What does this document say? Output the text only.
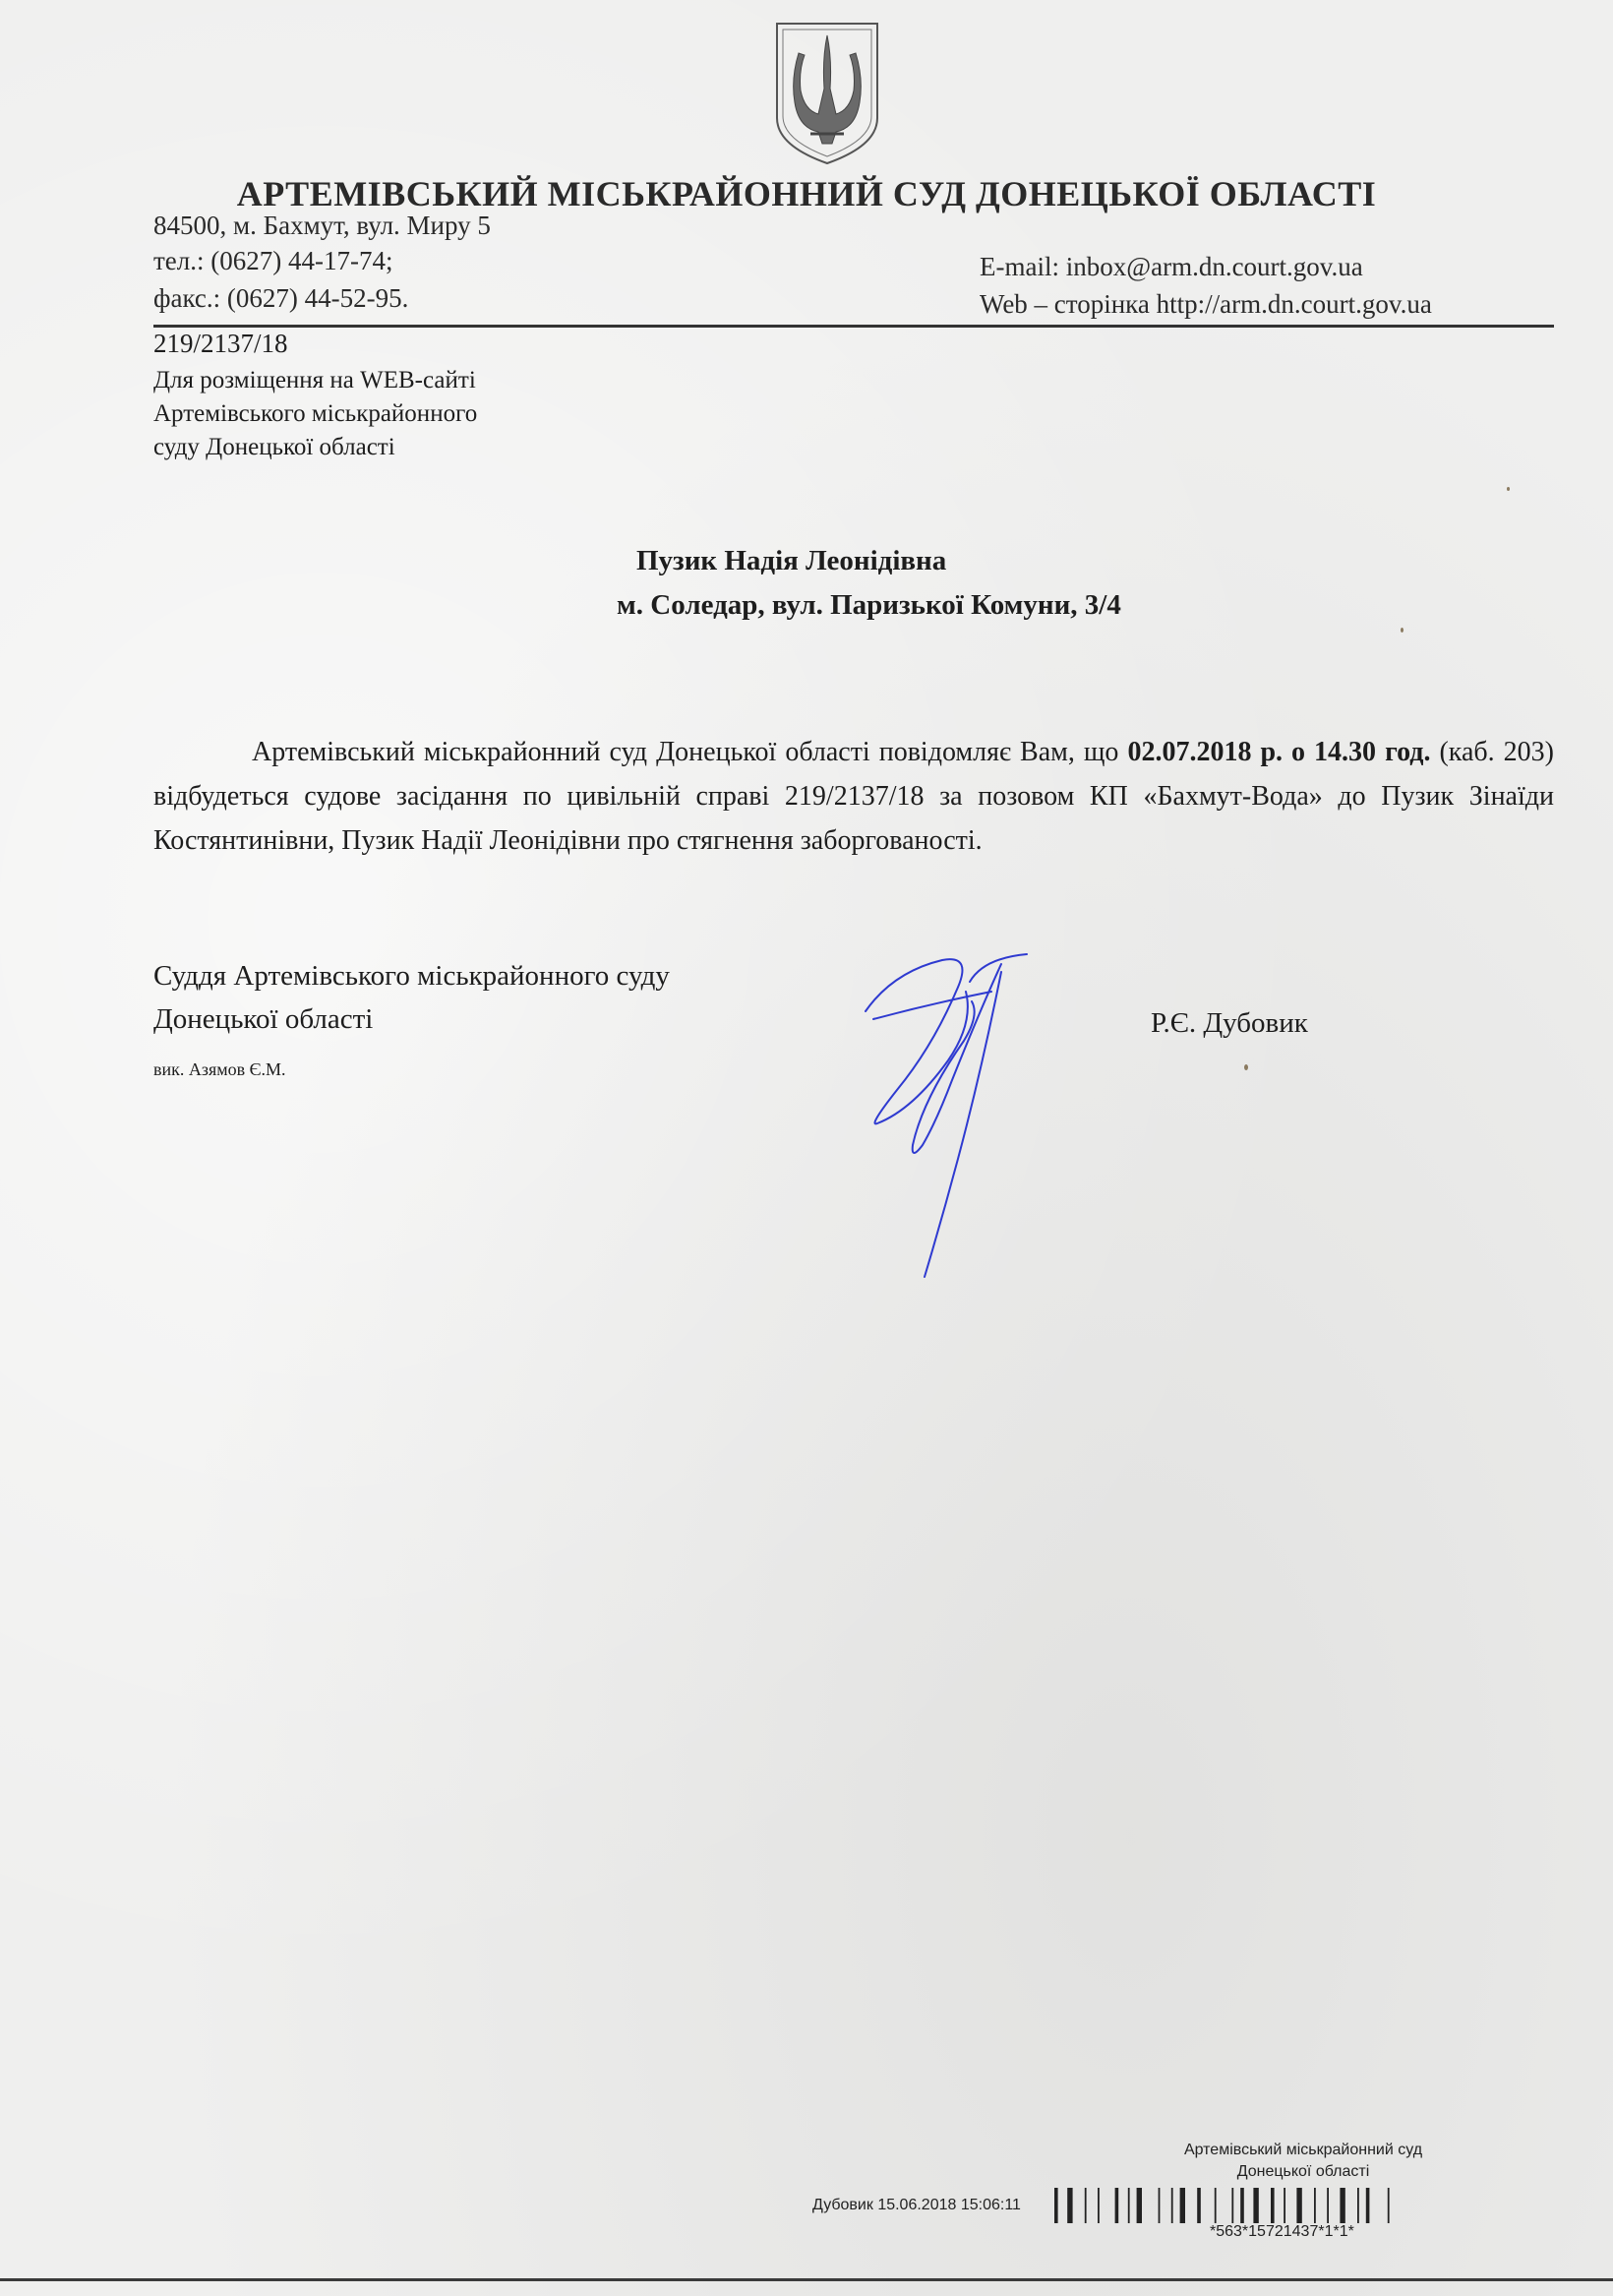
АРТЕМІВСЬКИЙ МІСЬКРАЙОННИЙ СУД ДОНЕЦЬКОЇ ОБЛАСТІ
84500, м. Бахмут, вул. Миру 5
тел.: (0627) 44-17-74;
факс.: (0627) 44-52-95.
E-mail: inbox@arm.dn.court.gov.ua
Web – сторінка http://arm.dn.court.gov.ua
219/2137/18
Для розміщення на WEB-сайті
Артемівського міськрайонного
суду Донецької області
Пузик Надія Леонідівна
м. Соледар, вул. Паризької Комуни, 3/4
Артемівський міськрайонний суд Донецької області повідомляє Вам, що 02.07.2018 р. о 14.30 год. (каб. 203) відбудеться судове засідання по цивільній справі 219/2137/18 за позовом КП «Бахмут-Вода» до Пузик Зінаїди Костянтинівни, Пузик Надії Леонідівни про стягнення заборгованості.
Суддя Артемівського міськрайонного суду
Донецької області
вик. Азямов Є.М.
Р.Є. Дубовик
Артемівський міськрайонний суд
Донецької області
Дубовик 15.06.2018 15:06:11
*563*15721437*1*1*
